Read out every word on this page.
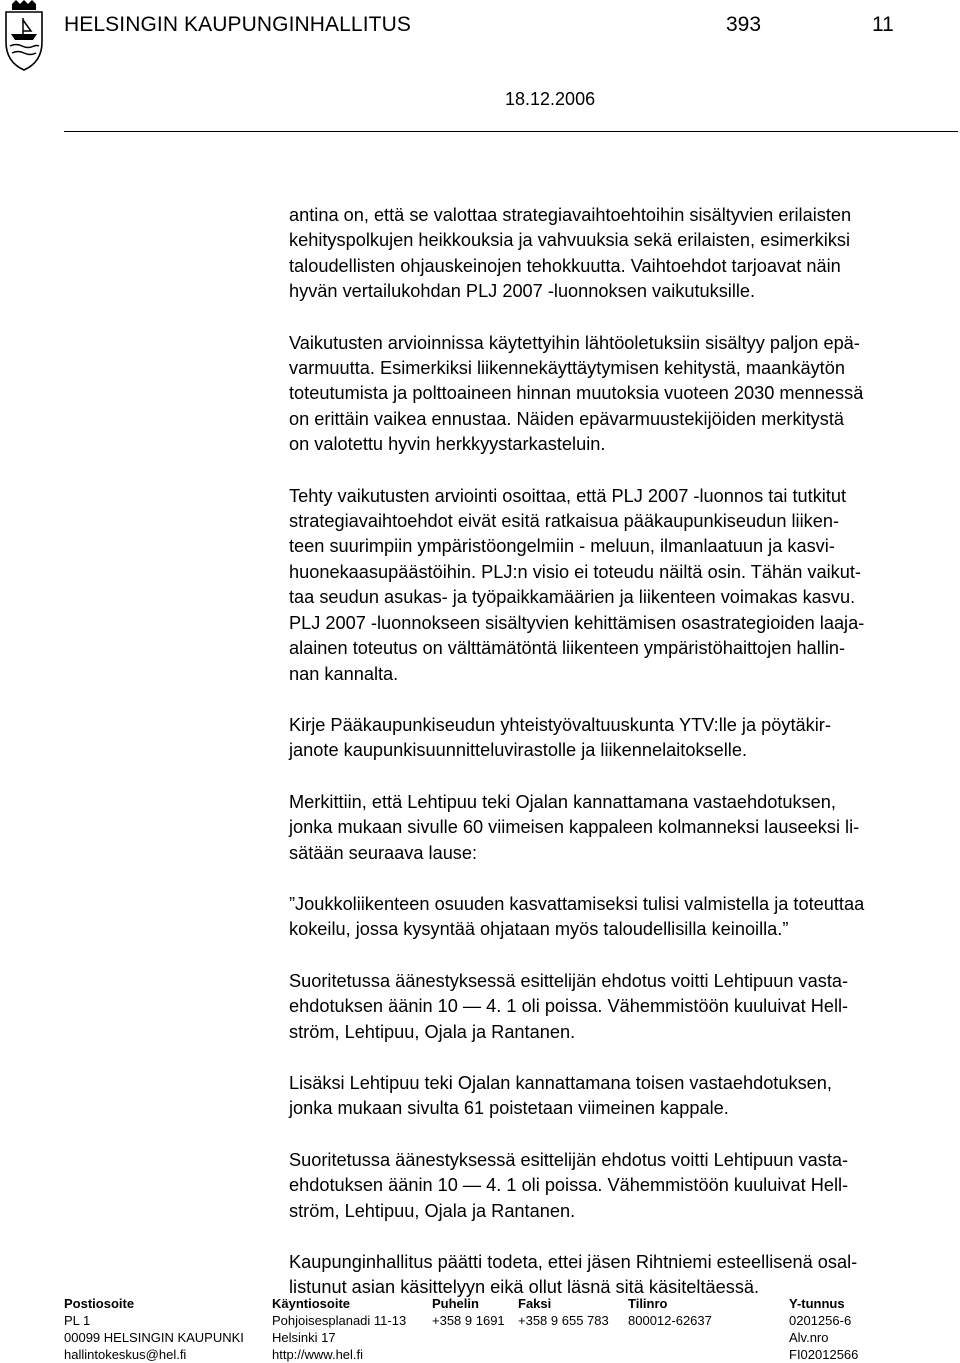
HELSINGIN KAUPUNGINHALLITUS	393	11
18.12.2006

antina on, että se valottaa strategiavaihtoehtoihin sisältyvien erilaisten
kehityspolkujen heikkouksia ja vahvuuksia sekä erilaisten, esimerkiksi
taloudellisten ohjauskeinojen tehokkuutta. Vaihtoehdot tarjoavat näin
hyvän vertailukohdan PLJ 2007 -luonnoksen vaikutuksille.

Vaikutusten arvioinnissa käytettyihin lähtöoletuksiin sisältyy paljon epä-
varmuutta. Esimerkiksi liikennekäyttäytymisen kehitystä, maankäytön
toteutumista ja polttoaineen hinnan muutoksia vuoteen 2030 mennessä
on erittäin vaikea ennustaa. Näiden epävarmuustekijöiden merkitystä
on valotettu hyvin herkkyystarkasteluin.

Tehty vaikutusten arviointi osoittaa, että PLJ 2007 -luonnos tai tutkitut
strategiavaihtoehdot eivät esitä ratkaisua pääkaupunkiseudun liiken-
teen suurimpiin ympäristöongelmiin - meluun, ilmanlaatuun ja kasvi-
huonekaasupäästöihin. PLJ:n visio ei toteudu näiltä osin. Tähän vaikut-
taa seudun asukas- ja työpaikkamäärien ja liikenteen voimakas kasvu.
PLJ 2007 -luonnokseen sisältyvien kehittämisen osastrategioiden laaja-
alainen toteutus on välttämätöntä liikenteen ympäristöhaittojen hallin-
nan kannalta.

Kirje Pääkaupunkiseudun yhteistyövaltuuskunta YTV:lle ja pöytäkir-
janote kaupunkisuunnitteluvirastolle ja liikennelaitokselle.

Merkittiin, että Lehtipuu teki Ojalan kannattamana vastaehdotuksen,
jonka mukaan sivulle 60 viimeisen kappaleen kolmanneksi lauseeksi li-
sätään seuraava lause:

”Joukkoliikenteen osuuden kasvattamiseksi tulisi valmistella ja toteuttaa
kokeilu, jossa kysyntää ohjataan myös taloudellisilla keinoilla.”

Suoritetussa äänestyksessä esittelijän ehdotus voitti Lehtipuun vasta-
ehdotuksen äänin 10 — 4. 1 oli poissa. Vähemmistöön kuuluivat Hell-
ström, Lehtipuu, Ojala ja Rantanen.

Lisäksi Lehtipuu teki Ojalan kannattamana toisen vastaehdotuksen,
jonka mukaan sivulta 61 poistetaan viimeinen kappale.

Suoritetussa äänestyksessä esittelijän ehdotus voitti Lehtipuun vasta-
ehdotuksen äänin 10 — 4. 1 oli poissa. Vähemmistöön kuuluivat Hell-
ström, Lehtipuu, Ojala ja Rantanen.

Kaupunginhallitus päätti todeta, ettei jäsen Rihtniemi esteellisenä osal-
listunut asian käsittelyyn eikä ollut läsnä sitä käsiteltäessä.

Postiosoite
PL 1
00099 HELSINGIN KAUPUNKI
hallintokeskus@hel.fi
Käyntiosoite
Pohjoisesplanadi 11-13
Helsinki 17
http://www.hel.fi
Puhelin
+358 9 1691
Faksi
+358 9 655 783
Tilinro
800012-62637
Y-tunnus
0201256-6
Alv.nro
FI02012566
